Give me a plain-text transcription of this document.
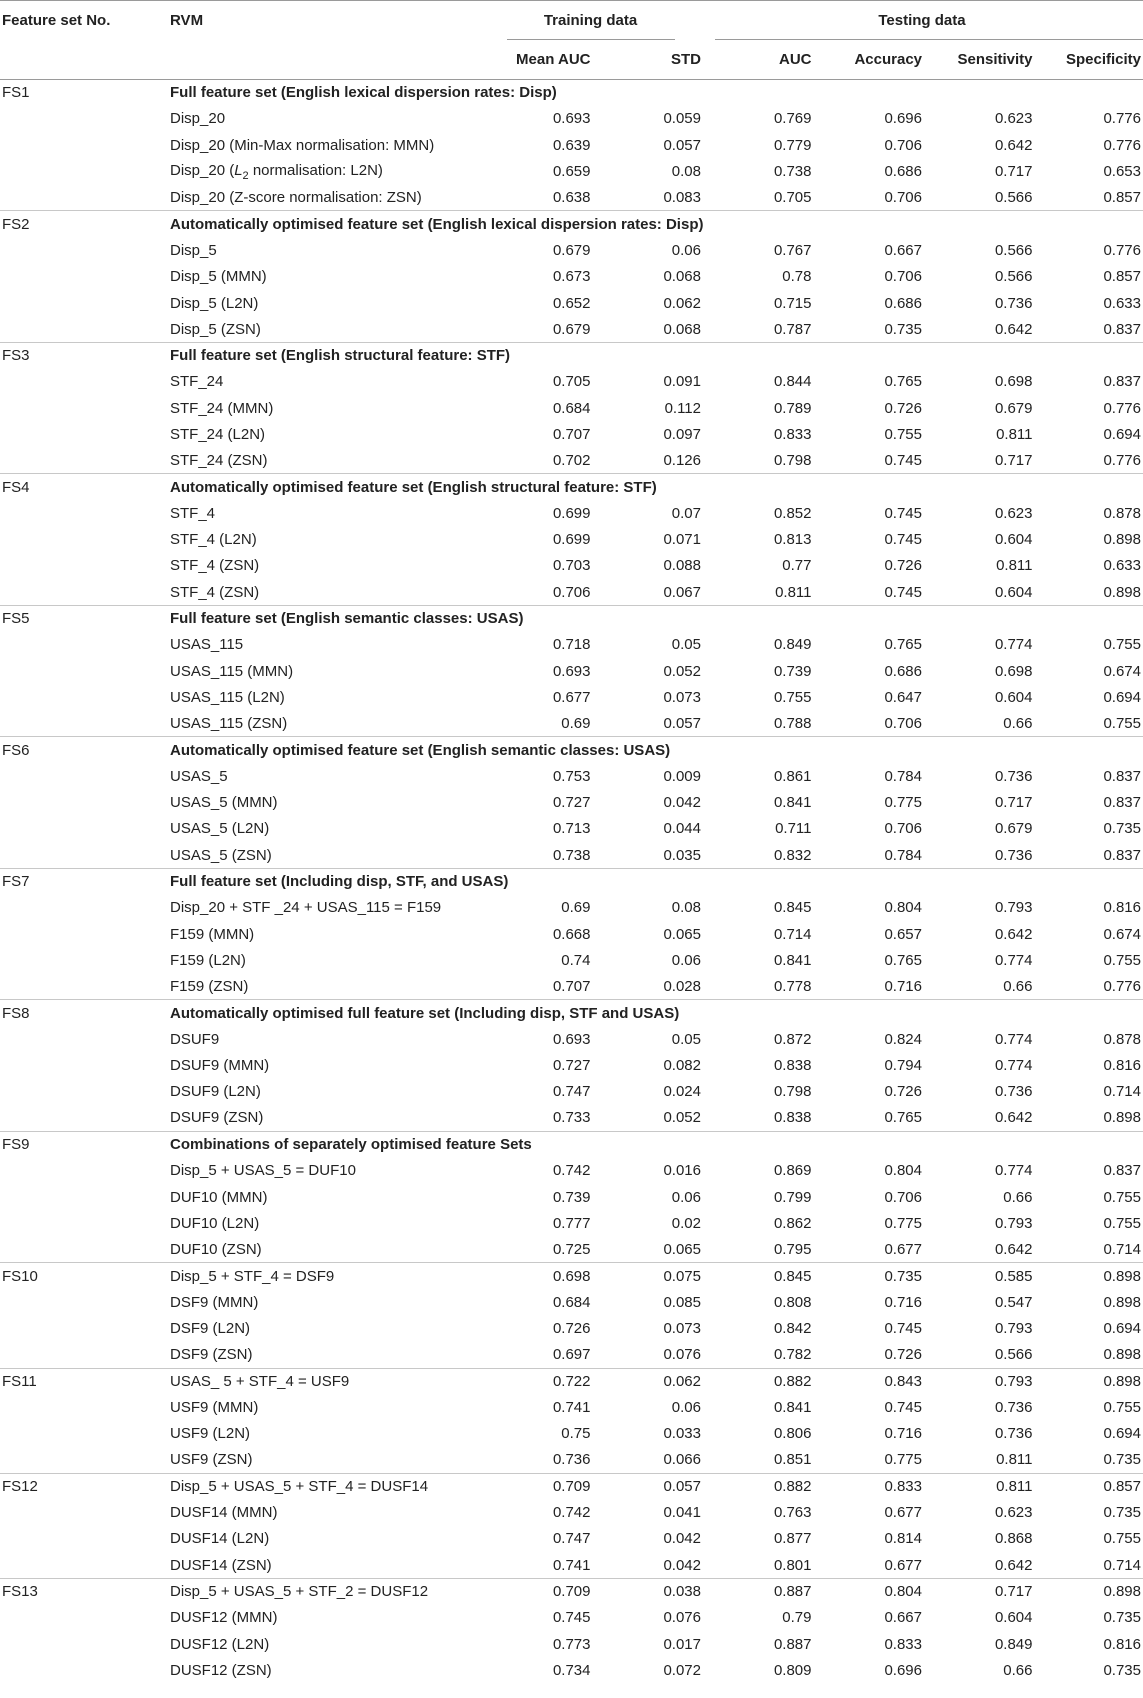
Feature set No.	RVM	Training data		Testing data			

		Mean AUC	STD	AUC	Accuracy	Sensitivity	Specificity
FS1	Full feature set (English lexical dispersion rates: Disp)						
	Disp_20	0.693	0.059	0.769	0.696	0.623	0.776
	Disp_20 (Min-Max normalisation: MMN)	0.639	0.057	0.779	0.706	0.642	0.776
	Disp_20 ($L_2$ normalisation: L2N)	0.659	0.08	0.738	0.686	0.717	0.653
	Disp_20 (Z-score normalisation: ZSN)	0.638	0.083	0.705	0.706	0.566	0.857
FS2	Automatically optimised feature set (English lexical dispersion rates: Disp)						
	Disp_5	0.679	0.06	0.767	0.667	0.566	0.776
	Disp_5 (MMN)	0.673	0.068	0.78	0.706	0.566	0.857
	Disp_5 (L2N)	0.652	0.062	0.715	0.686	0.736	0.633
	Disp_5 (ZSN)	0.679	0.068	0.787	0.735	0.642	0.837
FS3	Full feature set (English structural feature: STF)						
	STF_24	0.705	0.091	0.844	0.765	0.698	0.837
	STF_24 (MMN)	0.684	0.112	0.789	0.726	0.679	0.776
	STF_24 (L2N)	0.707	0.097	0.833	0.755	0.811	0.694
	STF_24 (ZSN)	0.702	0.126	0.798	0.745	0.717	0.776
FS4	Automatically optimised feature set (English structural feature: STF)						
	STF_4	0.699	0.07	0.852	0.745	0.623	0.878
	STF_4 (L2N)	0.699	0.071	0.813	0.745	0.604	0.898
	STF_4 (ZSN)	0.703	0.088	0.77	0.726	0.811	0.633
	STF_4 (ZSN)	0.706	0.067	0.811	0.745	0.604	0.898
FS5	Full feature set (English semantic classes: USAS)						
	USAS_115	0.718	0.05	0.849	0.765	0.774	0.755
	USAS_115 (MMN)	0.693	0.052	0.739	0.686	0.698	0.674
	USAS_115 (L2N)	0.677	0.073	0.755	0.647	0.604	0.694
	USAS_115 (ZSN)	0.69	0.057	0.788	0.706	0.66	0.755
FS6	Automatically optimised feature set (English semantic classes: USAS)						
	USAS_5	0.753	0.009	0.861	0.784	0.736	0.837
	USAS_5 (MMN)	0.727	0.042	0.841	0.775	0.717	0.837
	USAS_5 (L2N)	0.713	0.044	0.711	0.706	0.679	0.735
	USAS_5 (ZSN)	0.738	0.035	0.832	0.784	0.736	0.837
FS7	Full feature set (Including disp, STF, and USAS)						
	Disp_20 + STF _24 + USAS_115 = F159	0.69	0.08	0.845	0.804	0.793	0.816
	F159 (MMN)	0.668	0.065	0.714	0.657	0.642	0.674
	F159 (L2N)	0.74	0.06	0.841	0.765	0.774	0.755
	F159 (ZSN)	0.707	0.028	0.778	0.716	0.66	0.776
FS8	Automatically optimised full feature set (Including disp, STF and USAS)						
	DSUF9	0.693	0.05	0.872	0.824	0.774	0.878
	DSUF9 (MMN)	0.727	0.082	0.838	0.794	0.774	0.816
	DSUF9 (L2N)	0.747	0.024	0.798	0.726	0.736	0.714
	DSUF9 (ZSN)	0.733	0.052	0.838	0.765	0.642	0.898
FS9	Combinations of separately optimised feature Sets						
	Disp_5 + USAS_5 = DUF10	0.742	0.016	0.869	0.804	0.774	0.837
	DUF10 (MMN)	0.739	0.06	0.799	0.706	0.66	0.755
	DUF10 (L2N)	0.777	0.02	0.862	0.775	0.793	0.755
	DUF10 (ZSN)	0.725	0.065	0.795	0.677	0.642	0.714
FS10	Disp_5 + STF_4 = DSF9	0.698	0.075	0.845	0.735	0.585	0.898
	DSF9 (MMN)	0.684	0.085	0.808	0.716	0.547	0.898
	DSF9 (L2N)	0.726	0.073	0.842	0.745	0.793	0.694
	DSF9 (ZSN)	0.697	0.076	0.782	0.726	0.566	0.898
FS11	USAS_ 5 + STF_4 = USF9	0.722	0.062	0.882	0.843	0.793	0.898
	USF9 (MMN)	0.741	0.06	0.841	0.745	0.736	0.755
	USF9 (L2N)	0.75	0.033	0.806	0.716	0.736	0.694
	USF9 (ZSN)	0.736	0.066	0.851	0.775	0.811	0.735
FS12	Disp_5 + USAS_5 + STF_4 = DUSF14	0.709	0.057	0.882	0.833	0.811	0.857
	DUSF14 (MMN)	0.742	0.041	0.763	0.677	0.623	0.735
	DUSF14 (L2N)	0.747	0.042	0.877	0.814	0.868	0.755
	DUSF14 (ZSN)	0.741	0.042	0.801	0.677	0.642	0.714
FS13	Disp_5 + USAS_5 + STF_2 = DUSF12	0.709	0.038	0.887	0.804	0.717	0.898
	DUSF12 (MMN)	0.745	0.076	0.79	0.667	0.604	0.735
	DUSF12 (L2N)	0.773	0.017	0.887	0.833	0.849	0.816
	DUSF12 (ZSN)	0.734	0.072	0.809	0.696	0.66	0.735
